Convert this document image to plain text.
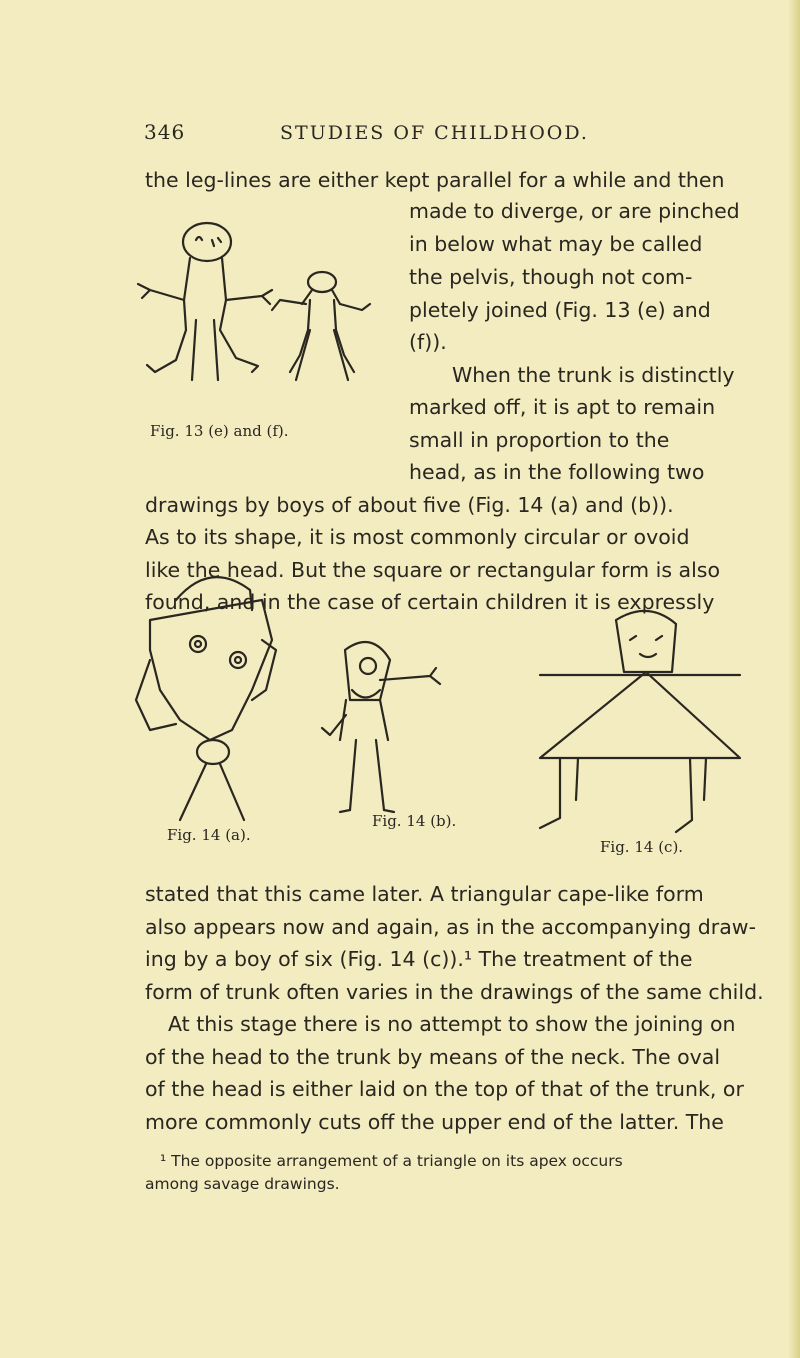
346	STUDIES OF CHILDHOOD.
the leg-lines are either kept parallel for a while and then
made to diverge, or are pinched
in below what may be called
the pelvis, though not com-
pletely joined (Fig. 13 (e) and
(f)).
When the trunk is distinctly
marked off, it is apt to remain
small in proportion to the
head, as in the following two
drawings by boys of about five (Fig. 14 (a) and (b)).
As to its shape, it is most commonly circular or ovoid
like the head. But the square or rectangular form is also
found, and in the case of certain children it is expressly
Fig. 13 (e) and (f).
Fig. 14 (a).
Fig. 14 (b).
Fig. 14 (c).
stated that this came later. A triangular cape-like form
also appears now and again, as in the accompanying draw-
ing by a boy of six (Fig. 14 (c)).¹ The treatment of the
form of trunk often varies in the drawings of the same child.
At this stage there is no attempt to show the joining on
of the head to the trunk by means of the neck. The oval
of the head is either laid on the top of that of the trunk, or
more commonly cuts off the upper end of the latter. The
¹ The opposite arrangement of a triangle on its apex occurs
among savage drawings.
